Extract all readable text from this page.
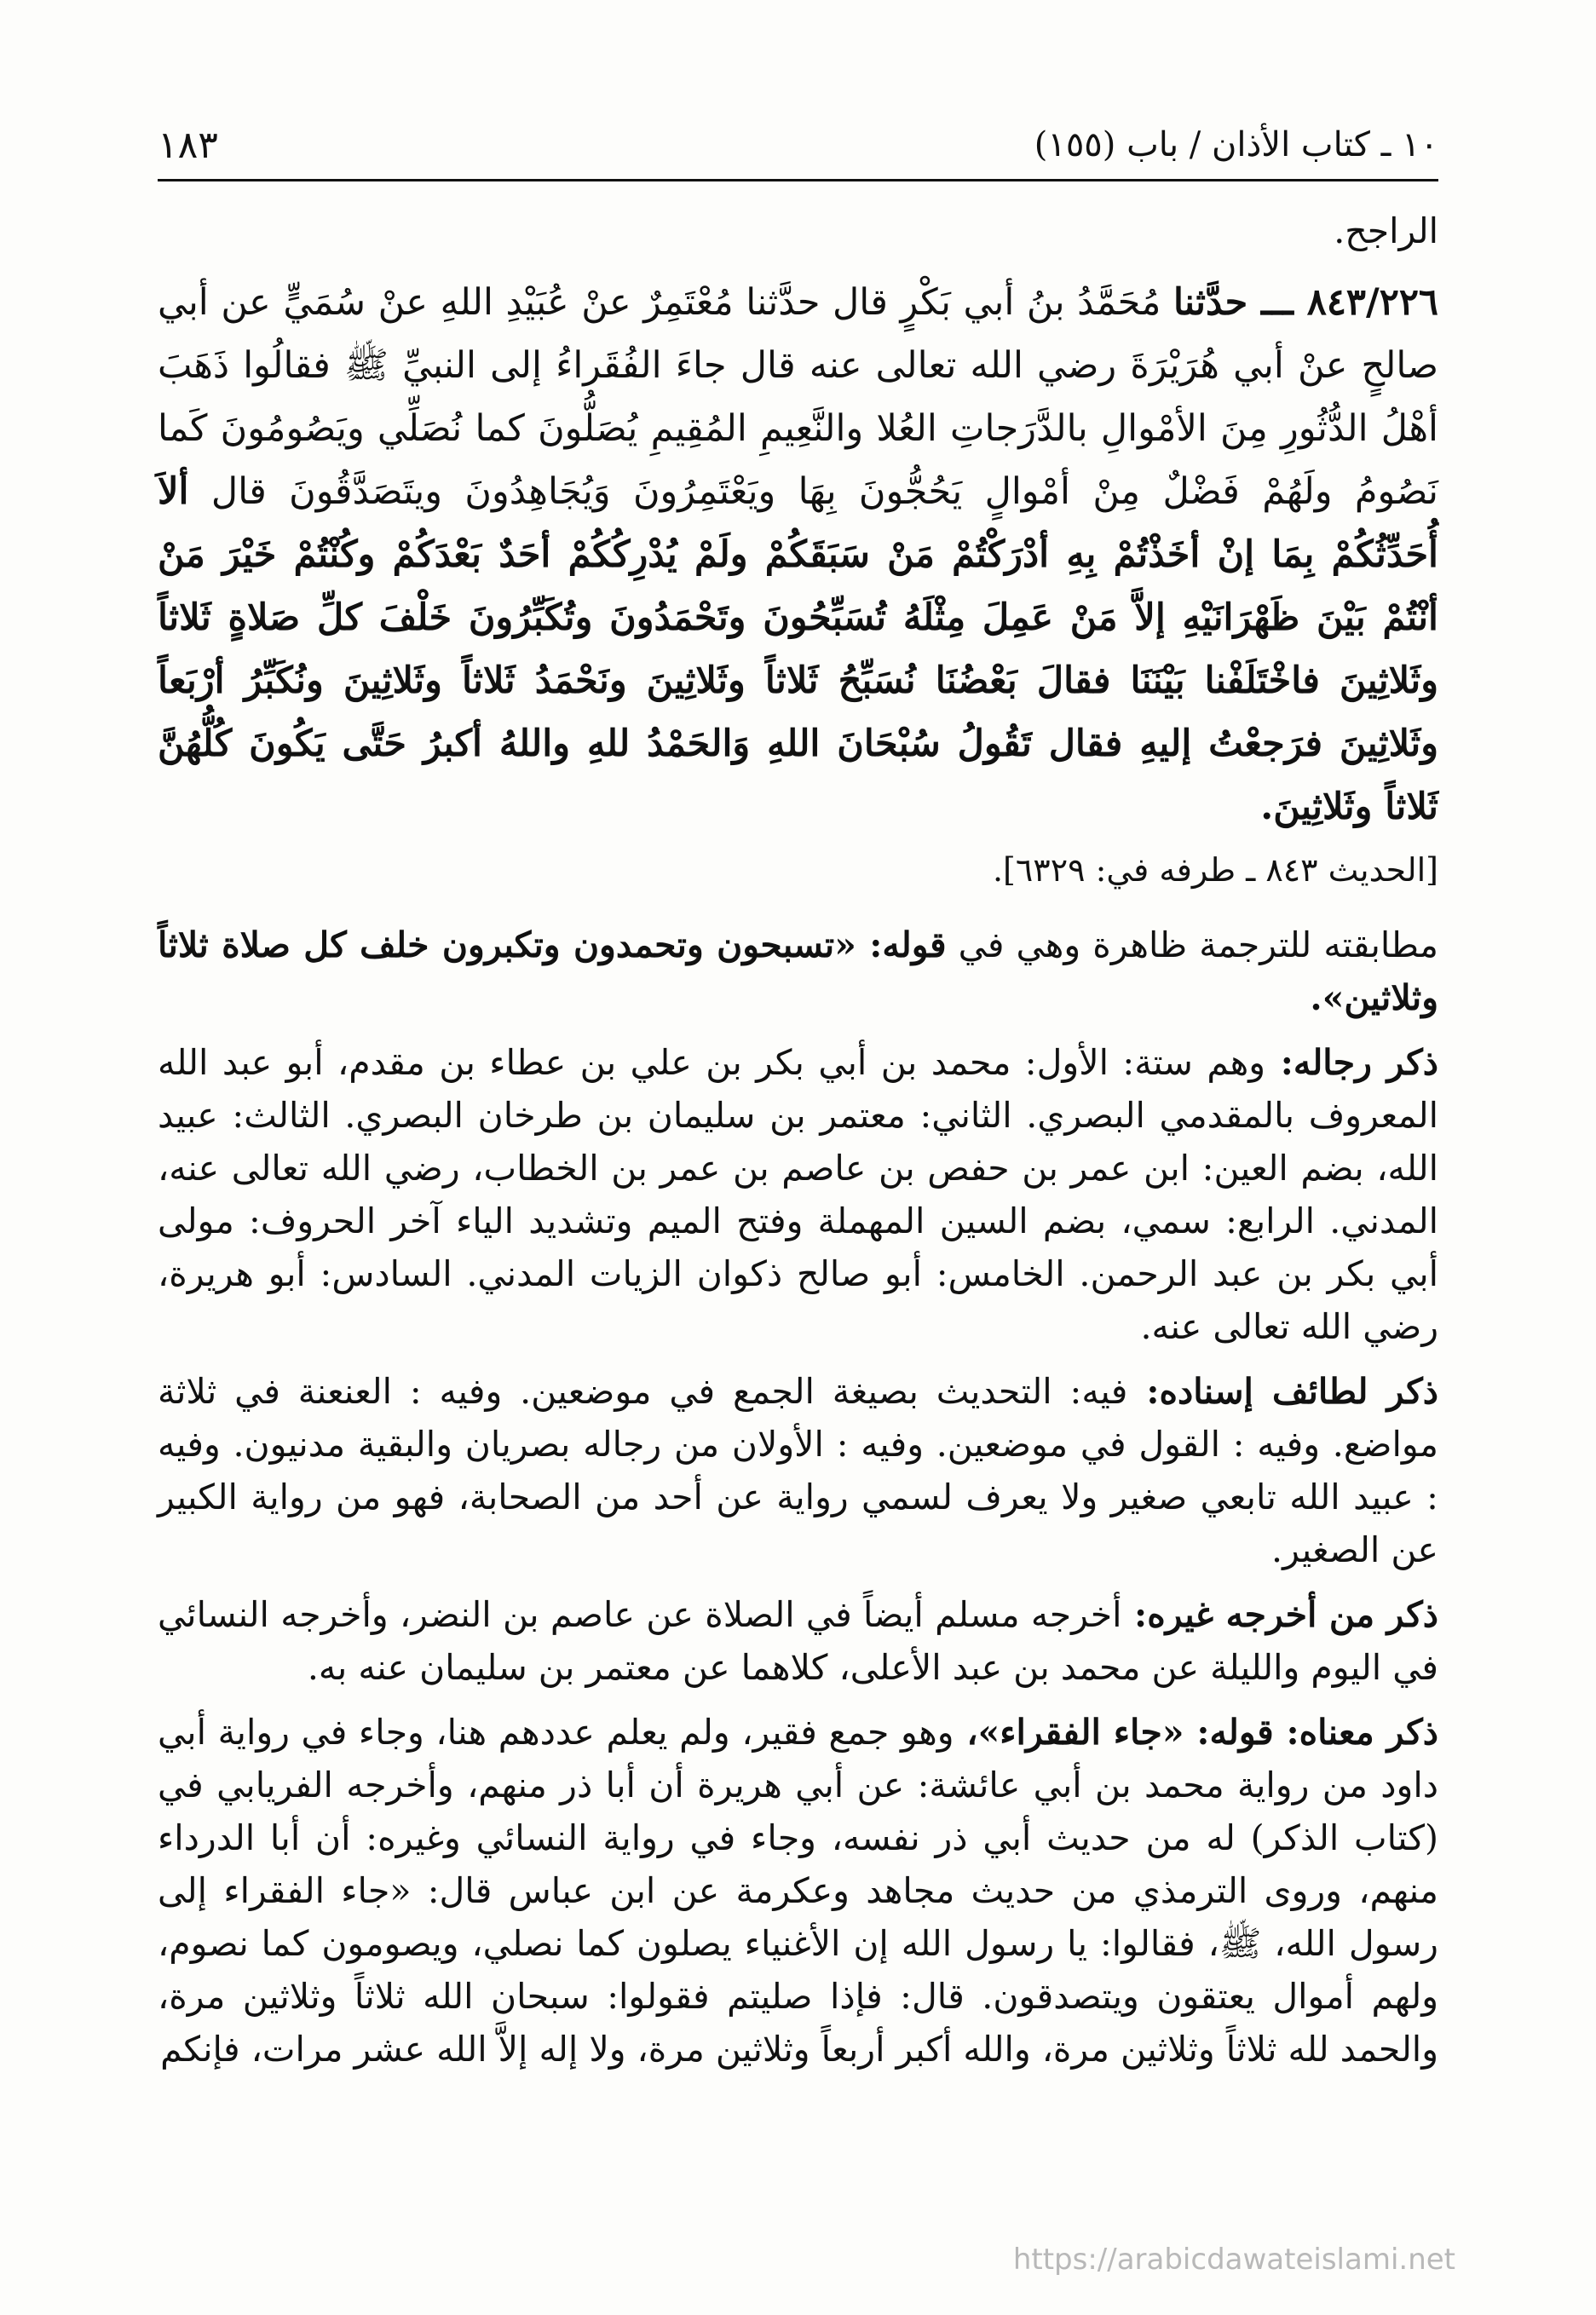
١٠ ـ كتاب الأذان / باب (١٥٥)
١٨٣

الراجح.

٨٤٣/٢٢٦ ـــ حدَّثنا مُحَمَّدُ بنُ أبي بَكْرٍ قال حدَّثنا مُعْتَمِرٌ عنْ عُبَيْدِ اللهِ عنْ سُمَيٍّ عن أبي صالحٍ عنْ أبي هُرَيْرَةَ رضي الله تعالى عنه قال جاءَ الفُقَراءُ إلى النبيِّ ﷺ فقالُوا ذَهَبَ أهْلُ الدُّثُورِ مِنَ الأمْوالِ بالدَّرَجاتِ العُلا والنَّعِيمِ المُقِيمِ يُصَلُّونَ كما نُصَلِّي ويَصُومُونَ كَما نَصُومُ ولَهُمْ فَضْلٌ مِنْ أمْوالٍ يَحُجُّونَ بِهَا ويَعْتَمِرُونَ وَيُجَاهِدُونَ ويتَصَدَّقُونَ قال ألاَ أُحَدِّثُكُمْ بِمَا إنْ أخَذْتُمْ بِهِ أدْرَكْتُمْ مَنْ سَبَقَكُمْ ولَمْ يُدْرِكُكُمْ أحَدٌ بَعْدَكُمْ وكُنْتُمْ خَيْرَ مَنْ أنْتُمْ بَيْنَ ظَهْرَانَيْهِ إلاَّ مَنْ عَمِلَ مِثْلَهُ تُسَبِّحُونَ وتَحْمَدُونَ وتُكَبِّرُونَ خَلْفَ كلِّ صَلاةٍ ثَلاثاً وثَلاثِينَ فاخْتَلَفْنا بَيْنَنَا فقالَ بَعْضُنَا نُسَبِّحُ ثَلاثاً وثَلاثِينَ ونَحْمَدُ ثَلاثاً وثَلاثِينَ ونُكَبِّرُ أرْبَعاً وثَلاثِينَ فرَجعْتُ إليهِ فقال تَقُولُ سُبْحَانَ اللهِ وَالحَمْدُ للهِ واللهُ أكبرُ حَتَّى يَكُونَ كُلُّهُنَّ ثَلاثاً وثَلاثِينَ.

[الحديث ٨٤٣ ـ طرفه في: ٦٣٢٩].

مطابقته للترجمة ظاهرة وهي في قوله: «تسبحون وتحمدون وتكبرون خلف كل صلاة ثلاثاً وثلاثين».

ذكر رجاله: وهم ستة: الأول: محمد بن أبي بكر بن علي بن عطاء بن مقدم، أبو عبد الله المعروف بالمقدمي البصري. الثاني: معتمر بن سليمان بن طرخان البصري. الثالث: عبيد الله، بضم العين: ابن عمر بن حفص بن عاصم بن عمر بن الخطاب، رضي الله تعالى عنه، المدني. الرابع: سمي، بضم السين المهملة وفتح الميم وتشديد الياء آخر الحروف: مولى أبي بكر بن عبد الرحمن. الخامس: أبو صالح ذكوان الزيات المدني. السادس: أبو هريرة، رضي الله تعالى عنه.

ذكر لطائف إسناده: فيه: التحديث بصيغة الجمع في موضعين. وفيه : العنعنة في ثلاثة مواضع. وفيه : القول في موضعين. وفيه : الأولان من رجاله بصريان والبقية مدنيون. وفيه : عبيد الله تابعي صغير ولا يعرف لسمي رواية عن أحد من الصحابة، فهو من رواية الكبير عن الصغير.

ذكر من أخرجه غيره: أخرجه مسلم أيضاً في الصلاة عن عاصم بن النضر، وأخرجه النسائي في اليوم والليلة عن محمد بن عبد الأعلى، كلاهما عن معتمر بن سليمان عنه به.

ذكر معناه: قوله: «جاء الفقراء»، وهو جمع فقير، ولم يعلم عددهم هنا، وجاء في رواية أبي داود من رواية محمد بن أبي عائشة: عن أبي هريرة أن أبا ذر منهم، وأخرجه الفريابي في (كتاب الذكر) له من حديث أبي ذر نفسه، وجاء في رواية النسائي وغيره: أن أبا الدرداء منهم، وروى الترمذي من حديث مجاهد وعكرمة عن ابن عباس قال: «جاء الفقراء إلى رسول الله، ﷺ، فقالوا: يا رسول الله إن الأغنياء يصلون كما نصلي، ويصومون كما نصوم، ولهم أموال يعتقون ويتصدقون. قال: فإذا صليتم فقولوا: سبحان الله ثلاثاً وثلاثين مرة، والحمد لله ثلاثاً وثلاثين مرة، والله أكبر أربعاً وثلاثين مرة، ولا إله إلاَّ الله عشر مرات، فإنكم

https://arabicdawateislami.net
